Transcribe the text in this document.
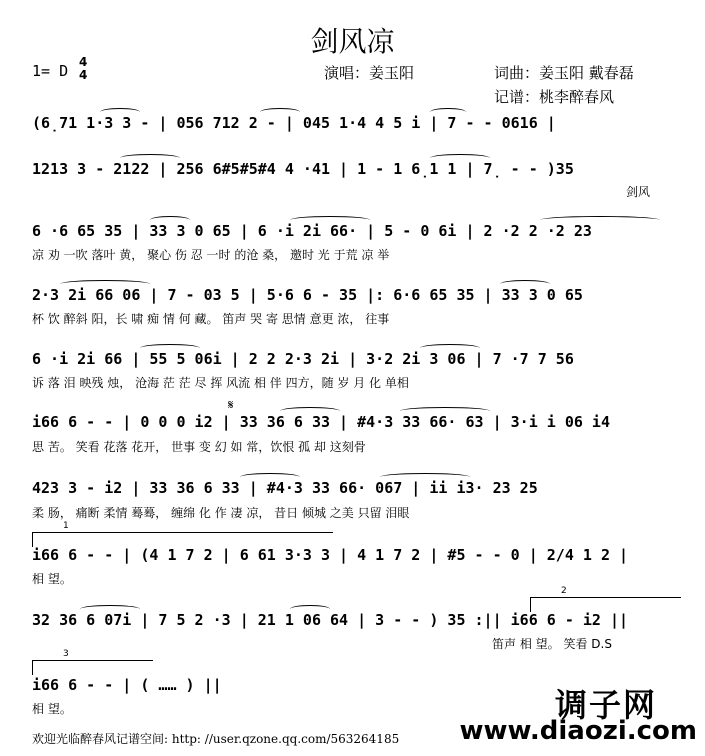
剑风凉
1= D 4
4	演唱：姜玉阳	词曲：姜玉阳 戴春磊
记谱：桃李醉春风
(6̣71 1·3 3 - | 056 712 2 - | 045 1·4 4 5 i | 7 - - 0616 |
1213 3 - 2122 | 256 6#5#5#4 4 ·41 | 1 - 1 6̣1 1 | 7̣ - - )35
剑风
6 ·6 65 35 | 33 3 0 65 | 6 ·i 2i 66· | 5 - 0 6i | 2 ·2 2 ·2 23
凉 劝 一吹 落叶 黄， 聚心 伤 忍 一时 的沧 桑， 邀时 光 于荒 凉 举
2·3 2i 66 06 | 7 - 03 5 | 5·6 6 - 35 |: 6·6 65 35 | 33 3 0 65
杯 饮 醉斜 阳，长 啸 痴 情 何 藏。 笛声 哭 寄 思情 意更 浓， 往事
6 ·i 2i 66 | 55 5 06i | 2 2 2·3 2i | 3·2 2i 3 06 | 7 ·7 7 56
诉 落 泪 映残 烛， 沧海 茫 茫 尽 挥 风流 相 伴 四方，随 岁 月 化 单相
𝄋
i66 6 - - | 0 0 0 i2 | 33 36 6 33 | #4·3 33 66· 63 | 3·i i 06 i4
思 苦。 笑看 花落 花开， 世事 变 幻 如 常，饮恨 孤 却 这刻骨
423 3 - i2 | 33 36 6 33 | #4·3 33 66· 067 | ii i3· 23 25
柔 肠， 痛断 柔情 蓦蓦， 缠绵 化 作 凄 凉， 昔日 倾城 之美 只留 泪眼
1
i66 6 - - | (4 1 7 2 | 6 61 3·3 3 | 4 1 7 2 | #5 - - 0 | 2/4 1 2 |
相 望。
2
32 36 6 07i | 7 5 2 ·3 | 21 1 06 64 | 3 - - ) 35 :|| i66 6 - i2 ||
笛声 相 望。 笑看 D.S
3
i66 6 - - | ( …… ) ||
相 望。
欢迎光临醉春风记谱空间: http: //user.qzone.qq.com/563264185
调子网
www.diaozi.com
